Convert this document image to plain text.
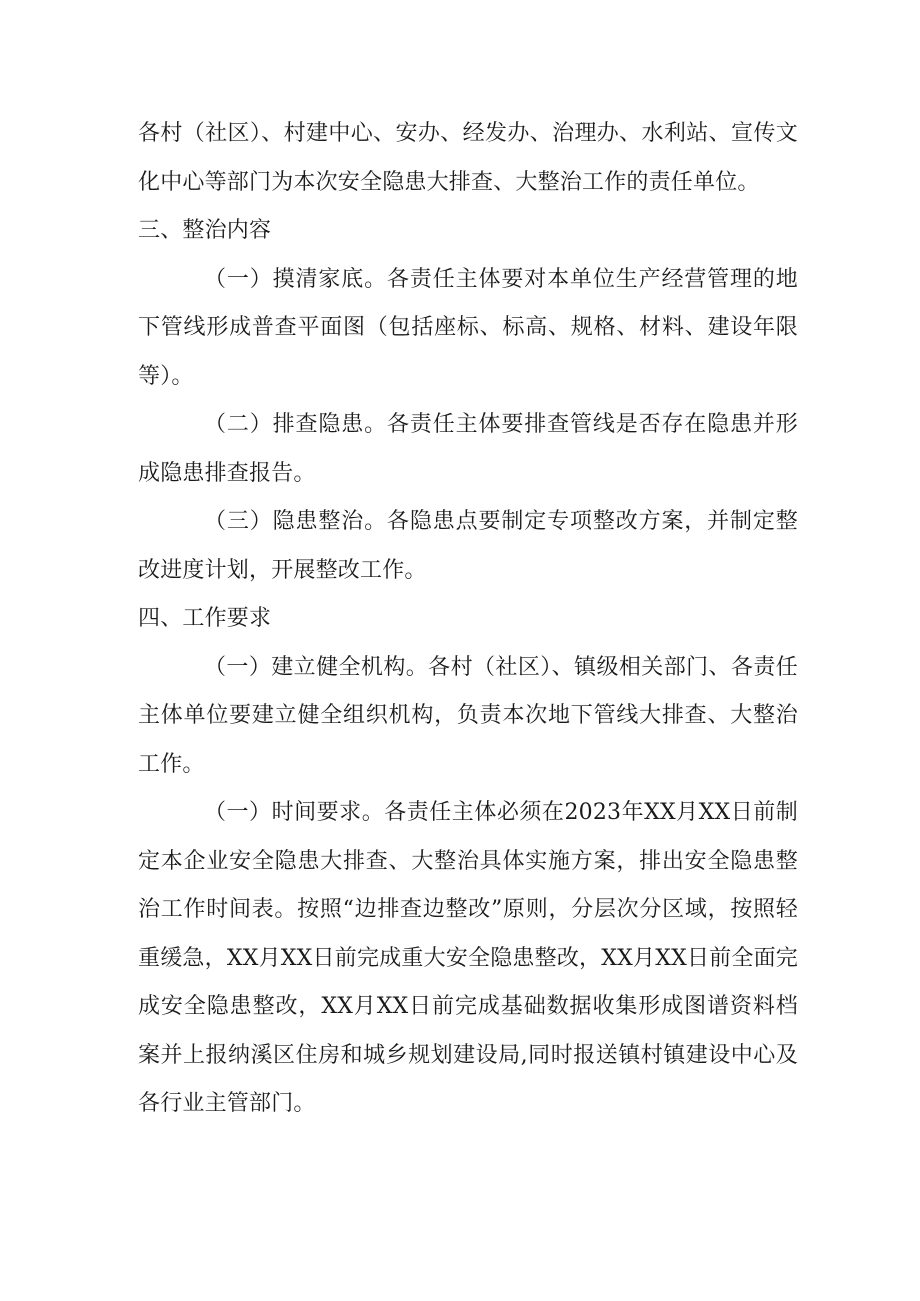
各村（社区）、村建中心、安办、经发办、治理办、水利站、宣传文化中心等部门为本次安全隐患大排查、大整治工作的责任单位。

三、整治内容

（一）摸清家底。各责任主体要对本单位生产经营管理的地下管线形成普查平面图（包括座标、标高、规格、材料、建设年限等）。

（二）排查隐患。各责任主体要排查管线是否存在隐患并形成隐患排查报告。

（三）隐患整治。各隐患点要制定专项整改方案，并制定整改进度计划，开展整改工作。

四、工作要求

（一）建立健全机构。各村（社区）、镇级相关部门、各责任主体单位要建立健全组织机构，负责本次地下管线大排查、大整治工作。

（一）时间要求。各责任主体必须在2023年XX月XX日前制定本企业安全隐患大排查、大整治具体实施方案，排出安全隐患整治工作时间表。按照“边排查边整改”原则，分层次分区域，按照轻重缓急，XX月XX日前完成重大安全隐患整改，XX月XX日前全面完成安全隐患整改，XX月XX日前完成基础数据收集形成图谱资料档案并上报纳溪区住房和城乡规划建设局,同时报送镇村镇建设中心及各行业主管部门。
